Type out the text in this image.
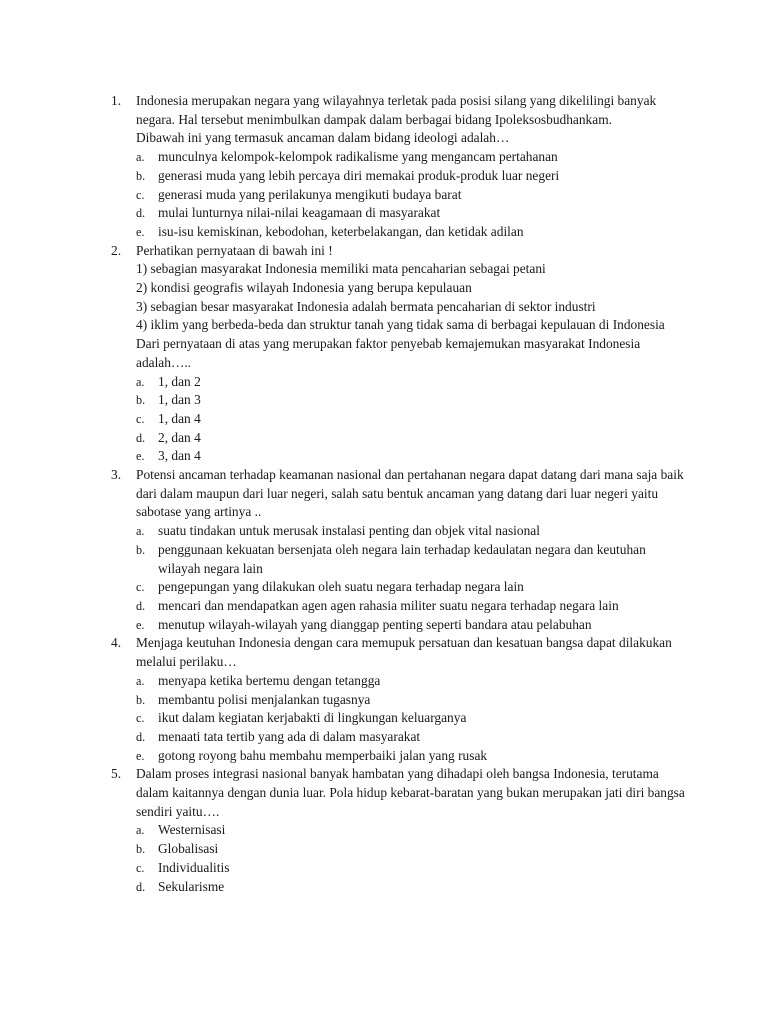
1. Indonesia merupakan negara yang wilayahnya terletak pada posisi silang yang dikelilingi banyak negara. Hal tersebut menimbulkan dampak dalam berbagai bidang Ipoleksosbudhankam.
Dibawah ini yang termasuk ancaman dalam bidang ideologi adalah…
a. munculnya kelompok-kelompok radikalisme yang mengancam pertahanan
b. generasi muda yang lebih percaya diri memakai produk-produk luar negeri
c. generasi muda yang perilakunya mengikuti budaya barat
d. mulai lunturnya nilai-nilai keagamaan di masyarakat
e. isu-isu kemiskinan, kebodohan, keterbelakangan, dan ketidak adilan
2. Perhatikan pernyataan di bawah ini !
1) sebagian masyarakat Indonesia memiliki mata pencaharian sebagai petani
2) kondisi geografis wilayah Indonesia yang berupa kepulauan
3) sebagian besar masyarakat Indonesia adalah bermata pencaharian di sektor industri
4) iklim yang berbeda-beda dan struktur tanah yang tidak sama di berbagai kepulauan di Indonesia
Dari pernyataan di atas yang merupakan faktor penyebab kemajemukan masyarakat Indonesia adalah…..
a. 1, dan 2
b. 1, dan 3
c. 1, dan 4
d. 2, dan 4
e. 3, dan 4
3. Potensi ancaman terhadap keamanan nasional dan pertahanan negara dapat datang dari mana saja baik dari dalam maupun dari luar negeri, salah satu bentuk ancaman yang datang dari luar negeri yaitu sabotase yang artinya ..
a. suatu tindakan untuk merusak instalasi penting dan objek vital nasional
b. penggunaan kekuatan bersenjata oleh negara lain terhadap kedaulatan negara dan keutuhan wilayah negara lain
c. pengepungan yang dilakukan oleh suatu negara terhadap negara lain
d. mencari dan mendapatkan agen agen rahasia militer suatu negara terhadap negara lain
e. menutup wilayah-wilayah yang dianggap penting seperti bandara atau pelabuhan
4. Menjaga keutuhan Indonesia dengan cara memupuk persatuan dan kesatuan bangsa dapat dilakukan melalui perilaku…
a. menyapa ketika bertemu dengan tetangga
b. membantu polisi menjalankan tugasnya
c. ikut dalam kegiatan kerjabakti di lingkungan keluarganya
d. menaati tata tertib yang ada di dalam masyarakat
e. gotong royong bahu membahu memperbaiki jalan yang rusak
5. Dalam proses integrasi nasional banyak hambatan yang dihadapi oleh bangsa Indonesia, terutama dalam kaitannya dengan dunia luar. Pola hidup kebarat-baratan yang bukan merupakan jati diri bangsa sendiri yaitu….
a. Westernisasi
b. Globalisasi
c. Individualitis
d. Sekularisme
